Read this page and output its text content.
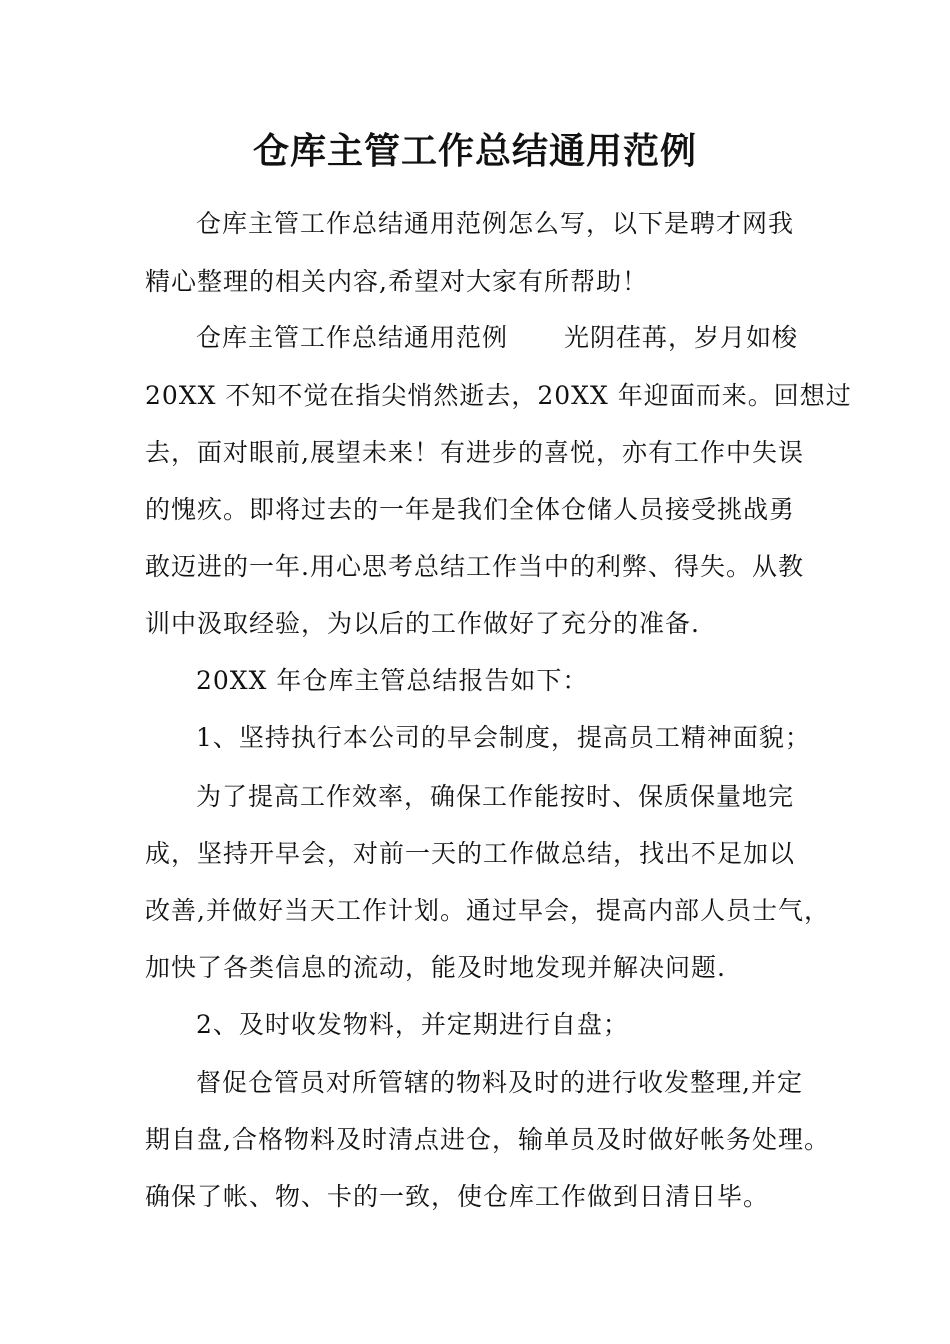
仓库主管工作总结通用范例
仓库主管工作总结通用范例怎么写，以下是聘才网我
精心整理的相关内容,希望对大家有所帮助！
仓库主管工作总结通用范例 光阴荏苒，岁月如梭
20XX 不知不觉在指尖悄然逝去，20XX 年迎面而来。回想过
去，面对眼前,展望未来！有进步的喜悦，亦有工作中失误
的愧疚。即将过去的一年是我们全体仓储人员接受挑战勇
敢迈进的一年.用心思考总结工作当中的利弊、得失。从教
训中汲取经验，为以后的工作做好了充分的准备.
20XX 年仓库主管总结报告如下：
1、坚持执行本公司的早会制度，提高员工精神面貌；
为了提高工作效率，确保工作能按时、保质保量地完
成，坚持开早会，对前一天的工作做总结，找出不足加以
改善,并做好当天工作计划。通过早会，提高内部人员士气，
加快了各类信息的流动，能及时地发现并解决问题.
2、及时收发物料，并定期进行自盘；
督促仓管员对所管辖的物料及时的进行收发整理,并定
期自盘,合格物料及时清点进仓，输单员及时做好帐务处理。
确保了帐、物、卡的一致，使仓库工作做到日清日毕。
